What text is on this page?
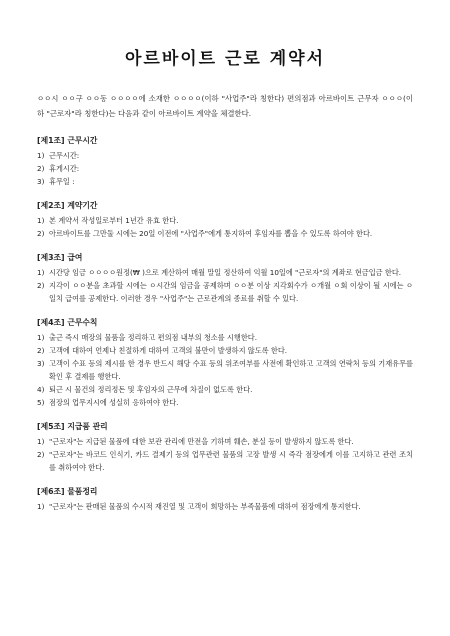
아르바이트 근로 계약서

ㅇㅇ시 ㅇㅇ구 ㅇㅇ동 ㅇㅇㅇㅇ에 소재한 ㅇㅇㅇㅇ(이하 "사업주"라 칭한다) 편의점과 아르바이트 근무자 ㅇㅇㅇ(이하 "근로자"라 칭한다)는 다음과 같이 아르바이트 계약을 체결한다.

[제1조] 근무시간
1) 근무시간:
2) 휴게시간:
3) 휴무일 :
[제2조] 계약기간
1) 본 계약서 작성일로부터 1년간 유효 한다.
2) 아르바이트를 그만둘 시에는 20일 이전에 "사업주"에게 통지하여 후임자를 뽑을 수 있도록 하여야 한다.
[제3조] 급여
1) 시간당 임금 ㅇㅇㅇㅇ원정(₩ )으로 계산하여 매월 말일 정산하여 익월 10일에 "근로자"의 계좌로 현금입금 한다.
2) 지각이 ㅇㅇ분을 초과할 시에는 ㅇ시간의 임금을 공제하며 ㅇㅇ분 이상 지각회수가 ㅇ개월 ㅇ회 이상이 될 시에는 ㅇ일치 급여를 공제한다. 이러한 경우 "사업주"는 근로관계의 종료를 취할 수 있다.
[제4조] 근무수칙
1) 출근 즉시 매장의 물품을 정리하고 편의점 내부의 청소를 시행한다.
2) 고객에 대하여 언제나 친절하게 대하여 고객의 불만이 발생하지 않도록 한다.
3) 고객이 수표 등의 제시를 한 경우 반드시 해당 수표 등의 위조여부를 사전에 확인하고 고객의 연락처 등의 기재유무를 확인 후 결제를 행한다.
4) 퇴근 시 물건의 정리정돈 및 후임자의 근무에 차질이 없도록 한다.
5) 점장의 업무지시에 성실히 응하여야 한다.
[제5조] 지급품 관리
1) "근로자"는 지급된 물품에 대한 보관 관리에 만전을 기하며 훼손, 분실 등이 발생하지 않도록 한다.
2) "근로자"는 바코드 인식기, 카드 결제기 등의 업무관련 물품의 고장 발생 시 즉각 점장에게 이를 고지하고 관련 조치를 취하여야 한다.
[제6조] 물품정리
1) "근로자"는 판매된 물품의 수시적 재진열 및 고객이 희망하는 부족물품에 대하여 점장에게 통지한다.
